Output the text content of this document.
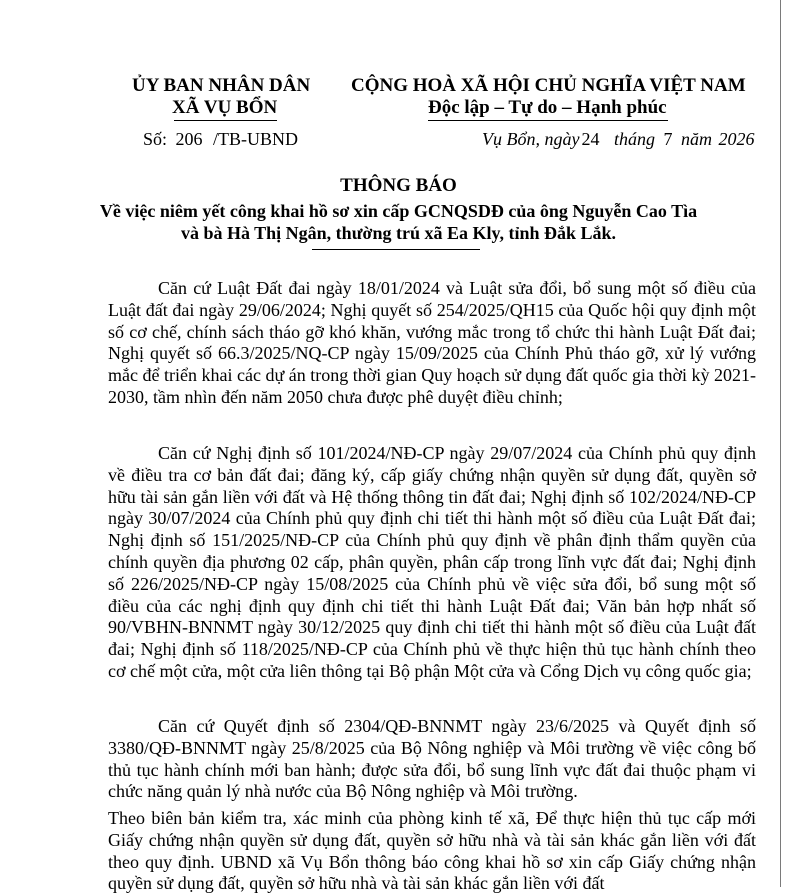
ỦY BAN NHÂN DÂN
XÃ VỤ BỔN
CỘNG HOÀ XÃ HỘI CHỦ NGHĨA VIỆT NAM
Độc lập – Tự do – Hạnh phúc
Số: 206 /TB-UBND	Vụ Bổn, ngày 24 tháng 7 năm 2026
THÔNG BÁO
Về việc niêm yết công khai hồ sơ xin cấp GCNQSDĐ của ông Nguyễn Cao Tìa
và bà Hà Thị Ngân, thường trú xã Ea Kly, tỉnh Đắk Lắk.

Căn cứ Luật Đất đai ngày 18/01/2024 và Luật sửa đổi, bổ sung một số điều của Luật đất đai ngày 29/06/2024; Nghị quyết số 254/2025/QH15 của Quốc hội quy định một số cơ chế, chính sách tháo gỡ khó khăn, vướng mắc trong tổ chức thi hành Luật Đất đai; Nghị quyết số 66.3/2025/NQ-CP ngày 15/09/2025 của Chính Phủ tháo gỡ, xử lý vướng mắc để triển khai các dự án trong thời gian Quy hoạch sử dụng đất quốc gia thời kỳ 2021-2030, tầm nhìn đến năm 2050 chưa được phê duyệt điều chỉnh;

Căn cứ Nghị định số 101/2024/NĐ-CP ngày 29/07/2024 của Chính phủ quy định về điều tra cơ bản đất đai; đăng ký, cấp giấy chứng nhận quyền sử dụng đất, quyền sở hữu tài sản gắn liền với đất và Hệ thống thông tin đất đai; Nghị định số 102/2024/NĐ-CP ngày 30/07/2024 của Chính phủ quy định chi tiết thi hành một số điều của Luật Đất đai; Nghị định số 151/2025/NĐ-CP của Chính phủ quy định về phân định thẩm quyền của chính quyền địa phương 02 cấp, phân quyền, phân cấp trong lĩnh vực đất đai; Nghị định số 226/2025/NĐ-CP ngày 15/08/2025 của Chính phủ về việc sửa đổi, bổ sung một số điều của các nghị định quy định chi tiết thi hành Luật Đất đai; Văn bản hợp nhất số 90/VBHN-BNNMT ngày 30/12/2025 quy định chi tiết thi hành một số điều của Luật đất đai; Nghị định số 118/2025/NĐ-CP của Chính phủ về thực hiện thủ tục hành chính theo cơ chế một cửa, một cửa liên thông tại Bộ phận Một cửa và Cổng Dịch vụ công quốc gia;

Căn cứ Quyết định số 2304/QĐ-BNNMT ngày 23/6/2025 và Quyết định số 3380/QĐ-BNNMT ngày 25/8/2025 của Bộ Nông nghiệp và Môi trường về việc công bố thủ tục hành chính mới ban hành; được sửa đổi, bổ sung lĩnh vực đất đai thuộc phạm vi chức năng quản lý nhà nước của Bộ Nông nghiệp và Môi trường.

Theo biên bản kiểm tra, xác minh của phòng kinh tế xã, Để thực hiện thủ tục cấp mới Giấy chứng nhận quyền sử dụng đất, quyền sở hữu nhà và tài sản khác gắn liền với đất theo quy định. UBND xã Vụ Bổn thông báo công khai hồ sơ xin cấp Giấy chứng nhận quyền sử dụng đất, quyền sở hữu nhà và tài sản khác gắn liền với đất
